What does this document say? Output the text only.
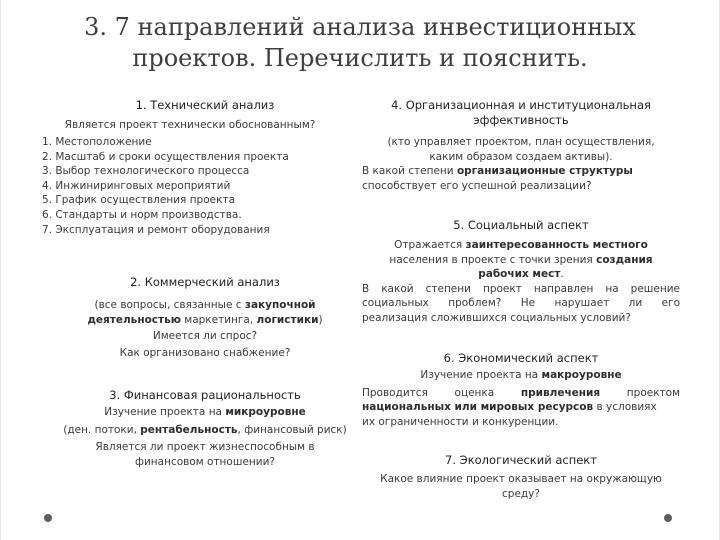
3. 7 направлений анализа инвестиционных
проектов. Перечислить и пояснить.
1. Технический анализ
Является проект технически обоснованным?
1. Местоположение
2. Масштаб и сроки осуществления проекта
3. Выбор технологического процесса
4. Инжиниринговых мероприятий
5. График осуществления проекта
6. Стандарты и норм производства.
7. Эксплуатация и ремонт оборудования
2. Коммерческий анализ
(все вопросы, связанные с закупочной
деятельностью маркетинга, логистики)
Имеется ли спрос?
Как организовано снабжение?
3. Финансовая рациональность
Изучение проекта на микроуровне
(ден. потоки, рентабельность, финансовый риск)
Является ли проект жизнеспособным в
финансовом отношении?
4. Организационная и институциональная
эффективность
(кто управляет проектом, план осуществления,
каким образом создаем активы).
В какой степени организационные структуры
способствует его успешной реализации?
5. Социальный аспект
Отражается заинтересованность местного
населения в проекте с точки зрения создания
рабочих мест.
В какой степени проект направлен на решение
социальных проблем? Не нарушает ли его
реализация сложившихся социальных условий?
6. Экономический аспект
Изучение проекта на макроуровне
Проводится оценка привлечения проектом
национальных или мировых ресурсов в условиях
их ограниченности и конкуренции.
7. Экологический аспект
Какое влияние проект оказывает на окружающую
среду?
